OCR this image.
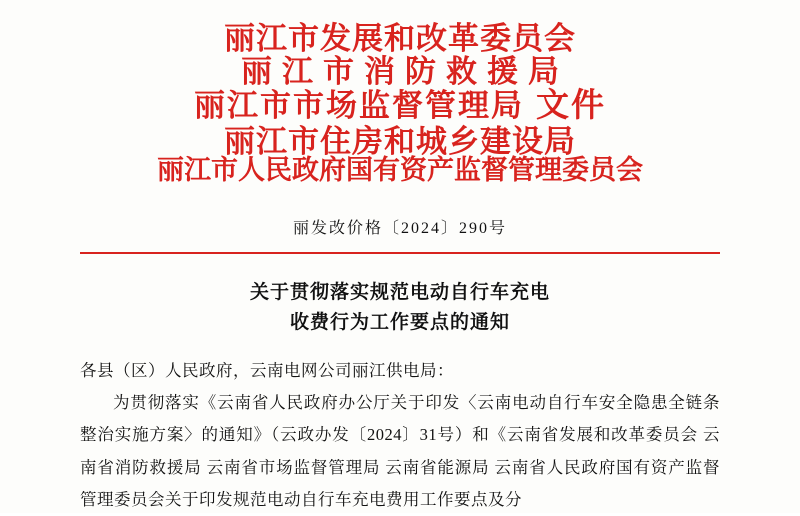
丽江市发展和改革委员会
丽江市消防救援局
丽江市市场监督管理局 文件
丽江市住房和城乡建设局
丽江市人民政府国有资产监督管理委员会
丽发改价格〔2024〕290号
关于贯彻落实规范电动自行车充电
收费行为工作要点的通知

各县（区）人民政府，云南电网公司丽江供电局：

为贯彻落实《云南省人民政府办公厅关于印发〈云南电动自行车安全隐患全链条整治实施方案〉的通知》（云政办发〔2024〕31号）和《云南省发展和改革委员会 云南省消防救援局 云南省市场监督管理局 云南省能源局 云南省人民政府国有资产监督管理委员会关于印发规范电动自行车充电费用工作要点及分
